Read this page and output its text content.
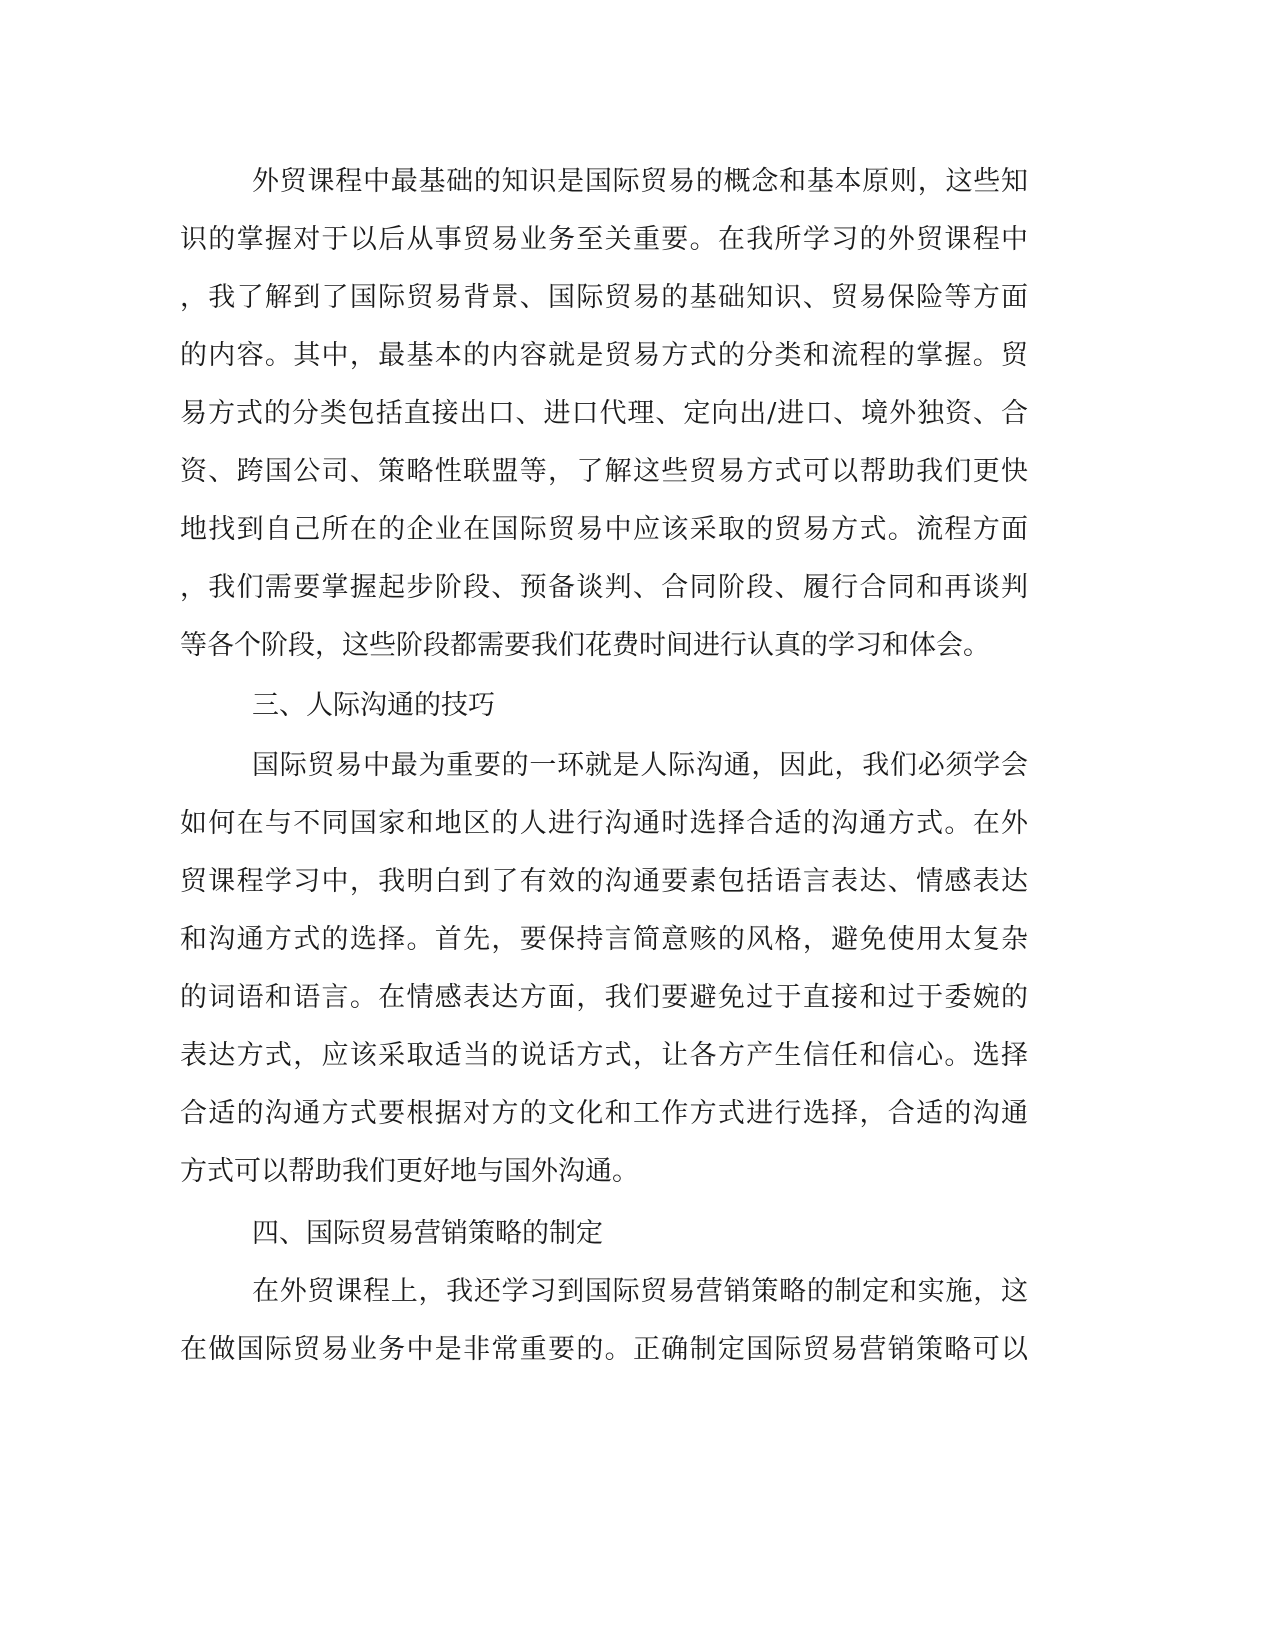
外贸课程中最基础的知识是国际贸易的概念和基本原则，这些知
识的掌握对于以后从事贸易业务至关重要。在我所学习的外贸课程中
，我了解到了国际贸易背景、国际贸易的基础知识、贸易保险等方面
的内容。其中，最基本的内容就是贸易方式的分类和流程的掌握。贸
易方式的分类包括直接出口、进口代理、定向出/进口、境外独资、合
资、跨国公司、策略性联盟等，了解这些贸易方式可以帮助我们更快
地找到自己所在的企业在国际贸易中应该采取的贸易方式。流程方面
，我们需要掌握起步阶段、预备谈判、合同阶段、履行合同和再谈判
等各个阶段，这些阶段都需要我们花费时间进行认真的学习和体会。
三、人际沟通的技巧
国际贸易中最为重要的一环就是人际沟通，因此，我们必须学会
如何在与不同国家和地区的人进行沟通时选择合适的沟通方式。在外
贸课程学习中，我明白到了有效的沟通要素包括语言表达、情感表达
和沟通方式的选择。首先，要保持言简意赅的风格，避免使用太复杂
的词语和语言。在情感表达方面，我们要避免过于直接和过于委婉的
表达方式，应该采取适当的说话方式，让各方产生信任和信心。选择
合适的沟通方式要根据对方的文化和工作方式进行选择，合适的沟通
方式可以帮助我们更好地与国外沟通。
四、国际贸易营销策略的制定
在外贸课程上，我还学习到国际贸易营销策略的制定和实施，这
在做国际贸易业务中是非常重要的。正确制定国际贸易营销策略可以
